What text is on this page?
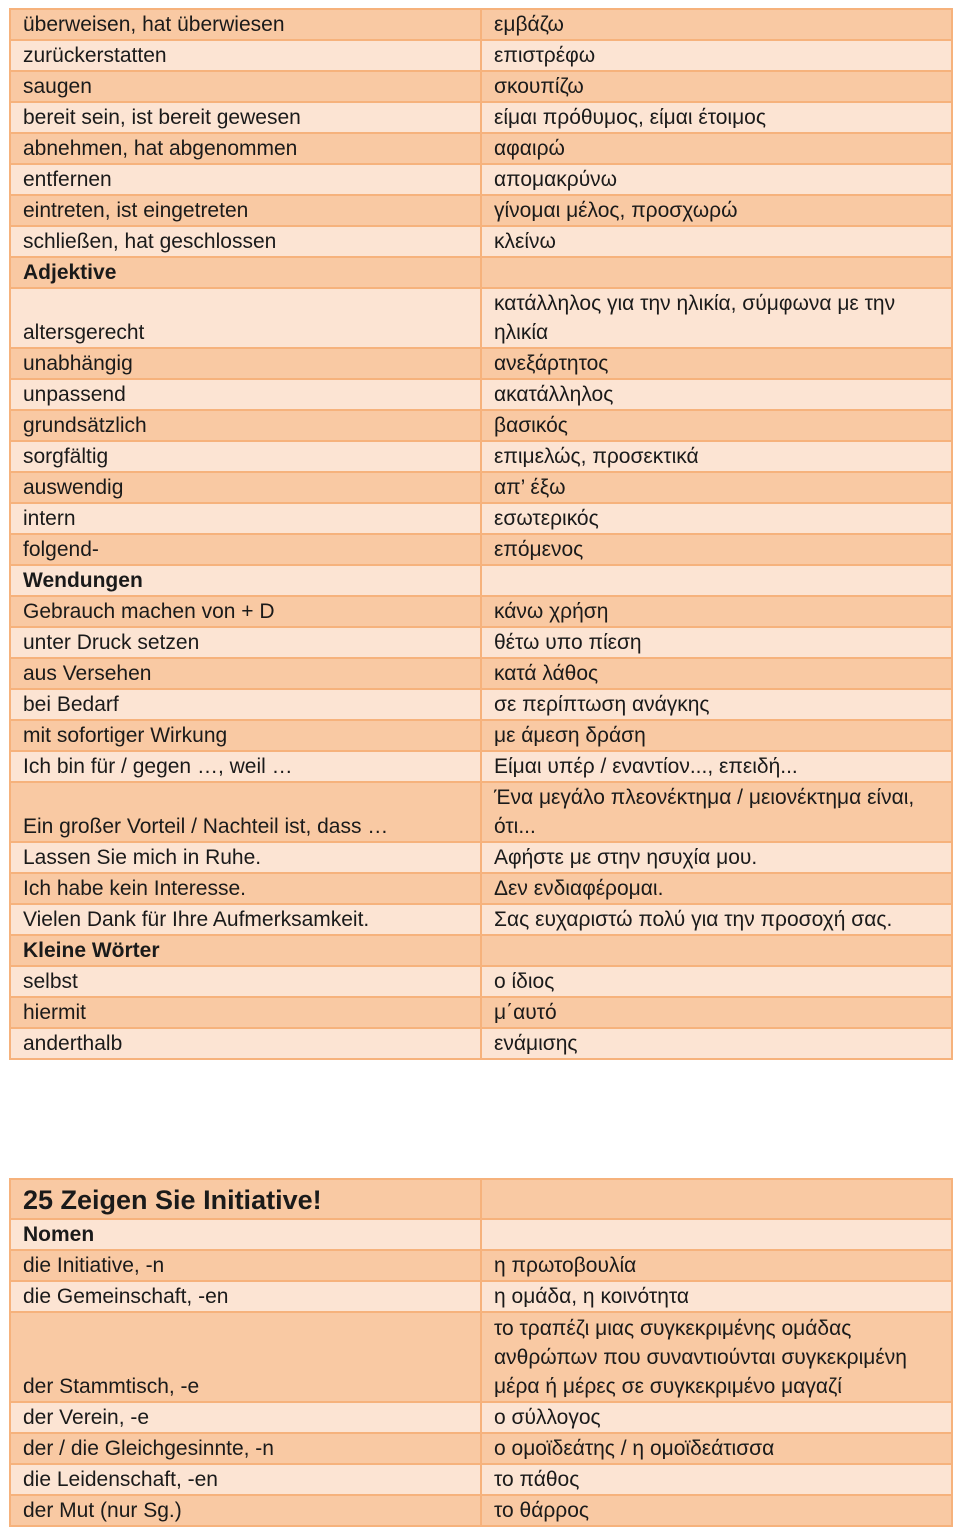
überweisen, hat überwiesen	εμβάζω
zurückerstatten	επιστρέφω
saugen	σκουπίζω
bereit sein, ist bereit gewesen	είμαι πρόθυμος, είμαι έτοιμος
abnehmen, hat abgenommen	αφαιρώ
entfernen	απομακρύνω
eintreten, ist eingetreten	γίνομαι μέλος, προσχωρώ
schließen, hat geschlossen	κλείνω
Adjektive	
altersgerecht	κατάλληλος για την ηλικία, σύμφωνα με την ηλικία
unabhängig	ανεξάρτητος
unpassend	ακατάλληλος
grundsätzlich	βασικός
sorgfältig	επιμελώς, προσεκτικά
auswendig	απ’ έξω
intern	εσωτερικός
folgend-	επόμενος
Wendungen	
Gebrauch machen von + D	κάνω χρήση
unter Druck setzen	θέτω υπο πίεση
aus Versehen	κατά λάθος
bei Bedarf	σε περίπτωση ανάγκης
mit sofortiger Wirkung	με άμεση δράση
Ich bin für / gegen …, weil …	Είμαι υπέρ / εναντίον..., επειδή...
Ein großer Vorteil / Nachteil ist, dass …	Ένα μεγάλο πλεονέκτημα / μειονέκτημα είναι, ότι...
Lassen Sie mich in Ruhe.	Αφήστε με στην ησυχία μου.
Ich habe kein Interesse.	Δεν ενδιαφέρομαι.
Vielen Dank für Ihre Aufmerksamkeit.	Σας ευχαριστώ πολύ για την προσοχή σας.
Kleine Wörter	
selbst	ο ίδιος
hiermit	μ΄αυτό
anderthalb	ενάμισης
25 Zeigen Sie Initiative!	
Nomen	
die Initiative, -n	η πρωτοβουλία
die Gemeinschaft, -en	η ομάδα, η κοινότητα
der Stammtisch, -e	το τραπέζι μιας συγκεκριμένης ομάδας ανθρώπων που συναντιούνται συγκεκριμένη μέρα ή μέρες σε συγκεκριμένο μαγαζί
der Verein, -e	ο σύλλογος
der / die Gleichgesinnte, -n	ο ομοϊδεάτης / η ομοϊδεάτισσα
die Leidenschaft, -en	το πάθος
der Mut (nur Sg.)	το θάρρος
